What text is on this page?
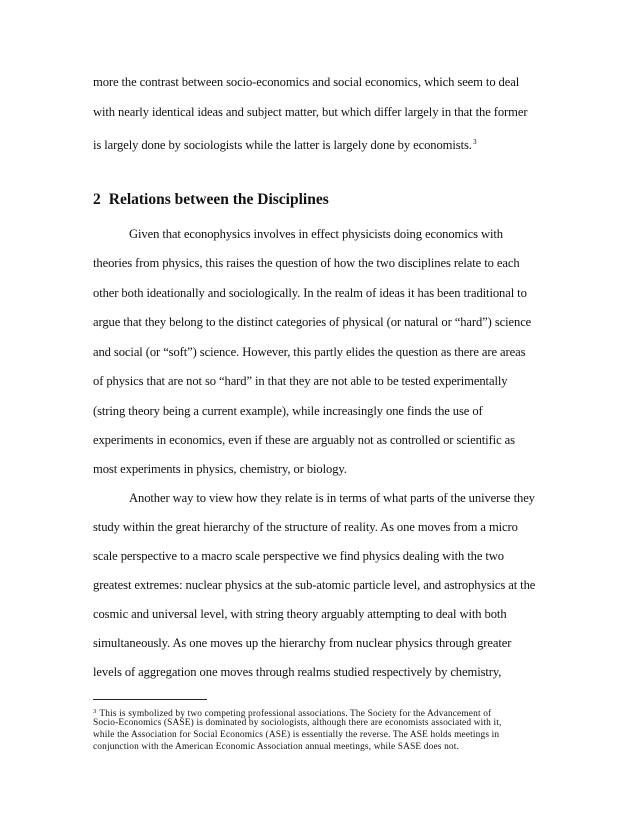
more the contrast between socio-economics and social economics, which seem to deal
with nearly identical ideas and subject matter, but which differ largely in that the former
is largely done by sociologists while the latter is largely done by economists.$^3$
2 Relations between the Disciplines
Given that econophysics involves in effect physicists doing economics with
theories from physics, this raises the question of how the two disciplines relate to each
other both ideationally and sociologically. In the realm of ideas it has been traditional to
argue that they belong to the distinct categories of physical (or natural or “hard”) science
and social (or “soft”) science. However, this partly elides the question as there are areas
of physics that are not so “hard” in that they are not able to be tested experimentally
(string theory being a current example), while increasingly one finds the use of
experiments in economics, even if these are arguably not as controlled or scientific as
most experiments in physics, chemistry, or biology.
Another way to view how they relate is in terms of what parts of the universe they
study within the great hierarchy of the structure of reality. As one moves from a micro
scale perspective to a macro scale perspective we find physics dealing with the two
greatest extremes: nuclear physics at the sub-atomic particle level, and astrophysics at the
cosmic and universal level, with string theory arguably attempting to deal with both
simultaneously. As one moves up the hierarchy from nuclear physics through greater
levels of aggregation one moves through realms studied respectively by chemistry,
$^3$ This is symbolized by two competing professional associations. The Society for the Advancement of
Socio-Economics (SASE) is dominated by sociologists, although there are economists associated with it,
while the Association for Social Economics (ASE) is essentially the reverse. The ASE holds meetings in
conjunction with the American Economic Association annual meetings, while SASE does not.
